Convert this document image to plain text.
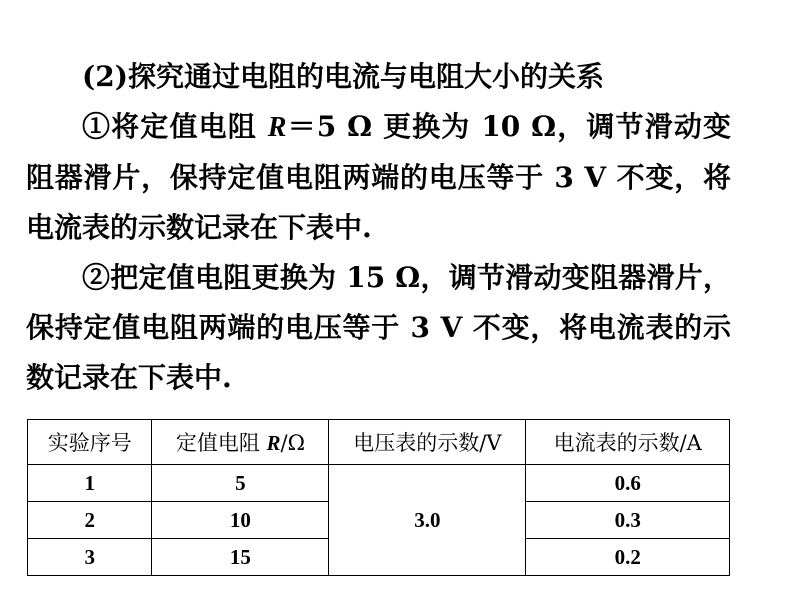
(2)探究通过电阻的电流与电阻大小的关系

①将定值电阻 R＝5 Ω 更换为 10 Ω，调节滑动变阻器滑片，保持定值电阻两端的电压等于 3 V 不变，将电流表的示数记录在下表中.

②把定值电阻更换为 15 Ω，调节滑动变阻器滑片，保持定值电阻两端的电压等于 3 V 不变，将电流表的示数记录在下表中.

实验序号	定值电阻 R/Ω	电压表的示数/V	电流表的示数/A
1	5	3.0	0.6
2	10		0.3
3	15		0.2
